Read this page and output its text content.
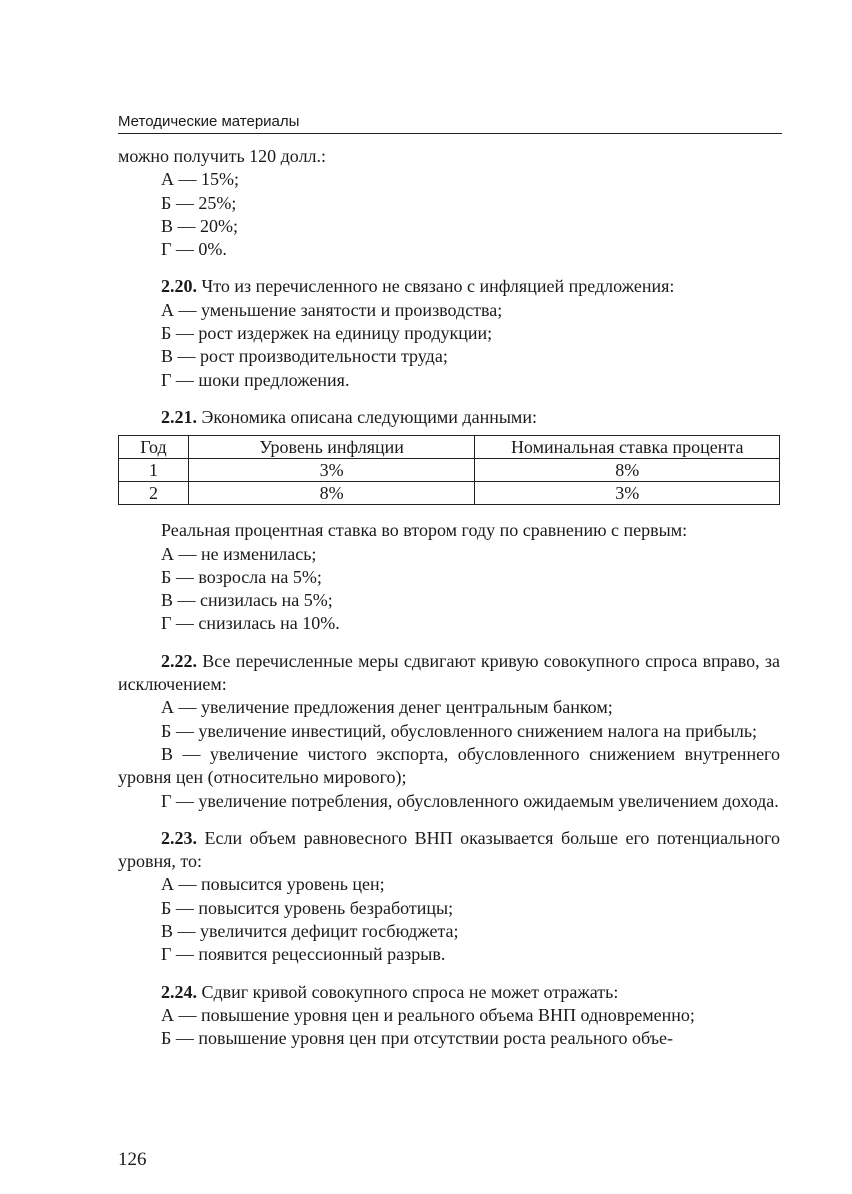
Методические материалы

можно получить 120 долл.:

А — 15%;

Б — 25%;

В — 20%;

Г — 0%.

2.20. Что из перечисленного не связано с инфляцией предложения:

А — уменьшение занятости и производства;

Б — рост издержек на единицу продукции;

В — рост производительности труда;

Г — шоки предложения.

2.21. Экономика описана следующими данными:

Год	Уровень инфляции	Номинальная ставка процента
1	3%	8%
2	8%	3%

Реальная процентная ставка во втором году по сравнению с первым:

А — не изменилась;

Б — возросла на 5%;

В — снизилась на 5%;

Г — снизилась на 10%.

2.22. Все перечисленные меры сдвигают кривую совокупного спроса вправо, за исключением:

А — увеличение предложения денег центральным банком;

Б — увеличение инвестиций, обусловленного снижением налога на прибыль;

В — увеличение чистого экспорта, обусловленного снижением внутреннего уровня цен (относительно мирового);

Г — увеличение потребления, обусловленного ожидаемым увеличением дохода.

2.23. Если объем равновесного ВНП оказывается больше его потенциального уровня, то:

А — повысится уровень цен;

Б — повысится уровень безработицы;

В — увеличится дефицит госбюджета;

Г — появится рецессионный разрыв.

2.24. Сдвиг кривой совокупного спроса не может отражать:

А — повышение уровня цен и реального объема ВНП одновременно;

Б — повышение уровня цен при отсутствии роста реального объе-

126
